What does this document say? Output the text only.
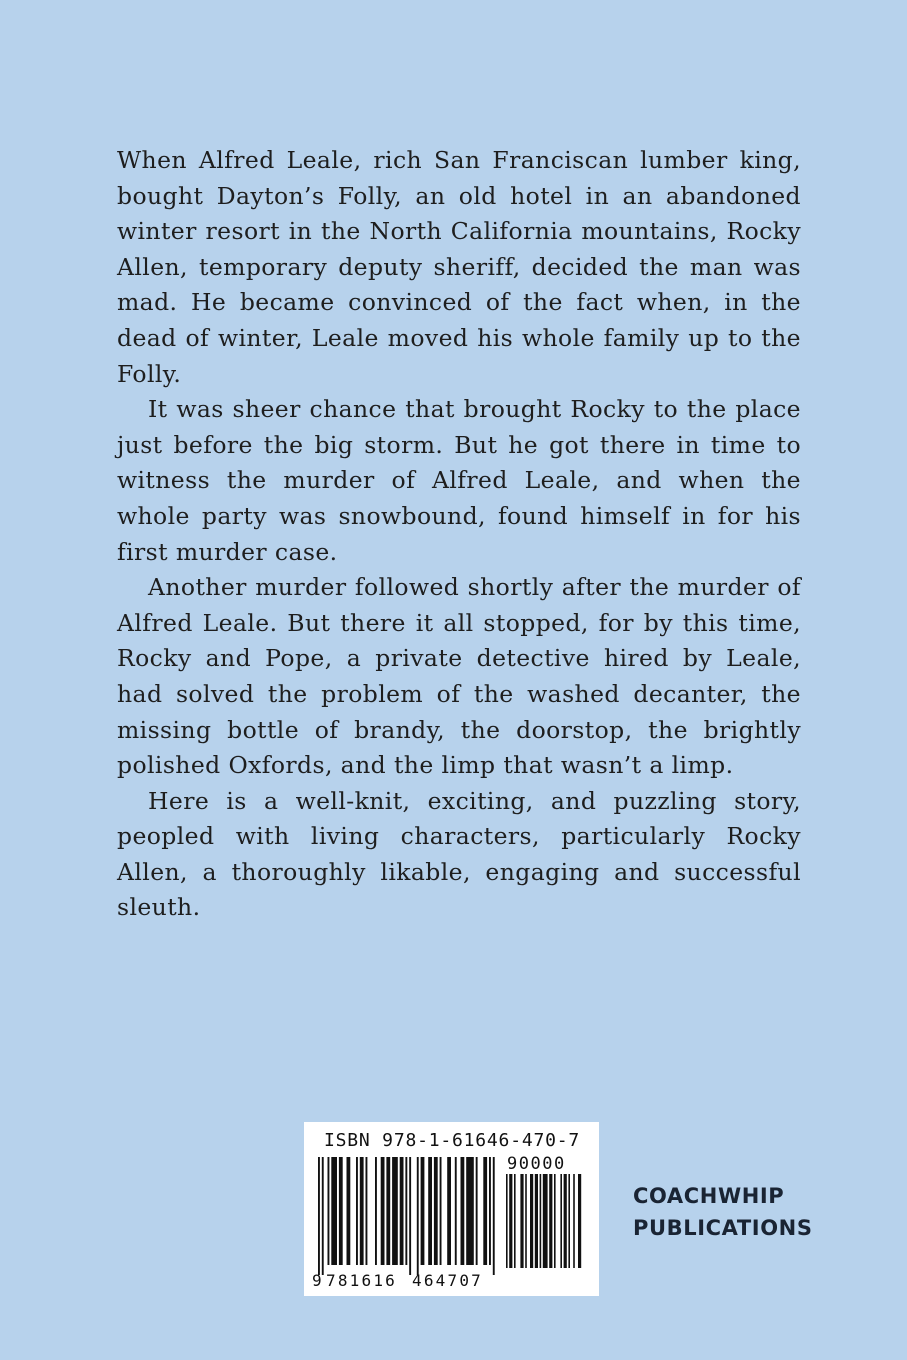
When Alfred Leale, rich San Franciscan lumber king, bought Dayton’s Folly, an old hotel in an abandoned winter resort in the North California mountains, Rocky Allen, temporary deputy sheriff, decided the man was mad. He became convinced of the fact when, in the dead of winter, Leale moved his whole family up to the Folly.

It was sheer chance that brought Rocky to the place just before the big storm. But he got there in time to witness the murder of Alfred Leale, and when the whole party was snowbound, found himself in for his first murder case.

Another murder followed shortly after the murder of Alfred Leale. But there it all stopped, for by this time, Rocky and Pope, a private detective hired by Leale, had solved the problem of the washed decanter, the missing bottle of brandy, the doorstop, the brightly polished Oxfords, and the limp that wasn’t a limp.

Here is a well-knit, exciting, and puzzling story, peopled with living characters, particularly Rocky Allen, a thoroughly likable, engaging and successful sleuth.

ISBN 978-1-61646-470-7
90000
9 781616 464707
COACHWHIP
PUBLICATIONS
